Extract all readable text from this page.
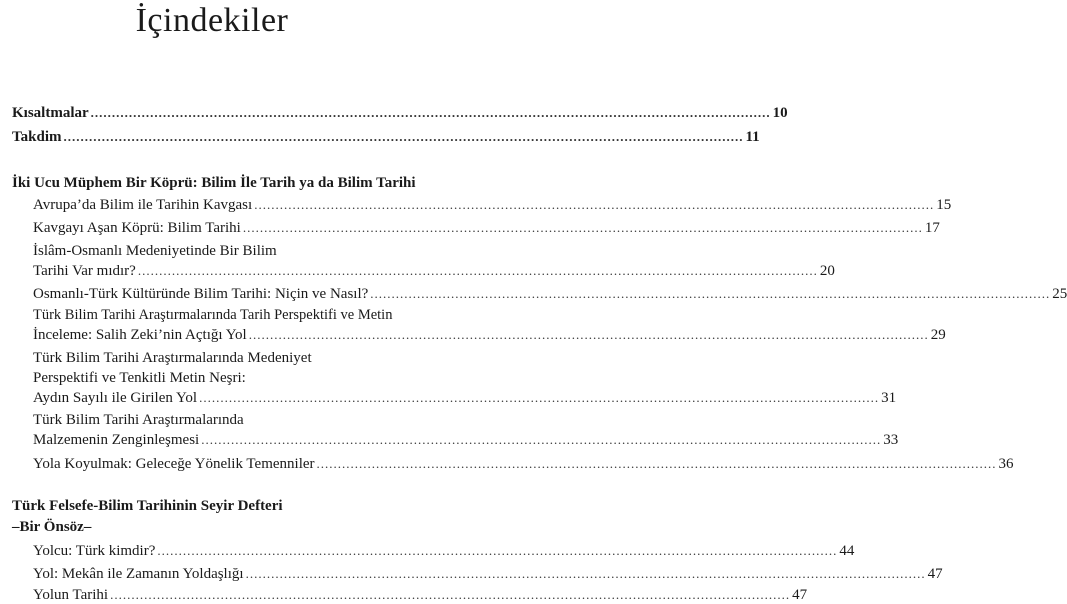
İçindekiler
Kısaltmalar ................................................................................................................................................................ 10
Takdim ................................................................................................................................................................ 11
İki Ucu Müphem Bir Köprü: Bilim İle Tarih ya da Bilim Tarihi
Avrupa’da Bilim ile Tarihin Kavgası ................................................................................................................................................................ 15
Kavgayı Aşan Köprü: Bilim Tarihi ................................................................................................................................................................ 17
İslâm-Osmanlı Medeniyetinde Bir Bilim
Tarihi Var mıdır? ................................................................................................................................................................ 20
Osmanlı-Türk Kültüründe Bilim Tarihi: Niçin ve Nasıl? ................................................................................................................................................................ 25
Türk Bilim Tarihi Araştırmalarında Tarih Perspektifi ve Metin
İnceleme: Salih Zeki’nin Açtığı Yol ................................................................................................................................................................ 29
Türk Bilim Tarihi Araştırmalarında Medeniyet
Perspektifi ve Tenkitli Metin Neşri:
Aydın Sayılı ile Girilen Yol ................................................................................................................................................................ 31
Türk Bilim Tarihi Araştırmalarında
Malzemenin Zenginleşmesi ................................................................................................................................................................ 33
Yola Koyulmak: Geleceğe Yönelik Temenniler ................................................................................................................................................................ 36
Türk Felsefe-Bilim Tarihinin Seyir Defteri
–Bir Önsöz–
Yolcu: Türk kimdir? ................................................................................................................................................................ 44
Yol: Mekân ile Zamanın Yoldaşlığı ................................................................................................................................................................ 47
Yolun Tarihi ................................................................................................................................................................ 47
